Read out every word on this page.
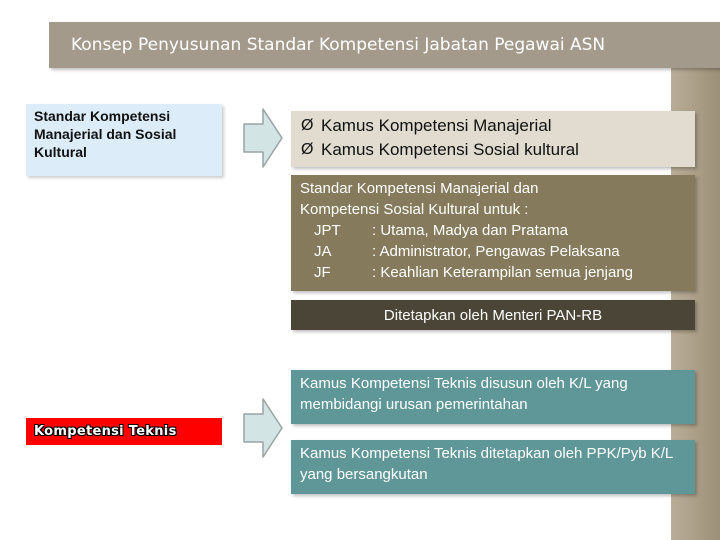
Konsep Penyusunan Standar Kompetensi Jabatan Pegawai ASN
Standar Kompetensi Manajerial dan Sosial Kultural
Ø Kamus Kompetensi Manajerial
Ø Kamus Kompetensi Sosial kultural
Standar Kompetensi Manajerial dan
Kompetensi Sosial Kultural untuk :
JPT	: Utama, Madya dan Pratama
JA	: Administrator, Pengawas Pelaksana
JF	: Keahlian Keterampilan semua jenjang
Ditetapkan oleh Menteri PAN-RB
Kompetensi Teknis
Kamus Kompetensi Teknis disusun oleh K/L yang membidangi urusan pemerintahan
Kamus Kompetensi Teknis ditetapkan oleh PPK/Pyb K/L yang bersangkutan
